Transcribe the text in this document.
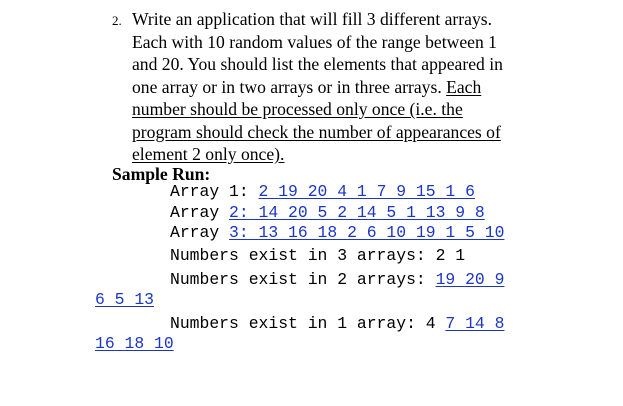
2. Write an application that will fill 3 different arrays.
Each with 10 random values of the range between 1
and 20. You should list the elements that appeared in
one array or in two arrays or in three arrays. Each
number should be processed only once (i.e. the
program should check the number of appearances of
element 2 only once).
Sample Run:
Array 1: 2 19 20 4 1 7 9 15 1 6
Array 2: 14 20 5 2 14 5 1 13 9 8
Array 3: 13 16 18 2 6 10 19 1 5 10
Numbers exist in 3 arrays: 2 1
Numbers exist in 2 arrays: 19 20 9
6 5 13
Numbers exist in 1 array: 4 7 14 8
16 18 10
